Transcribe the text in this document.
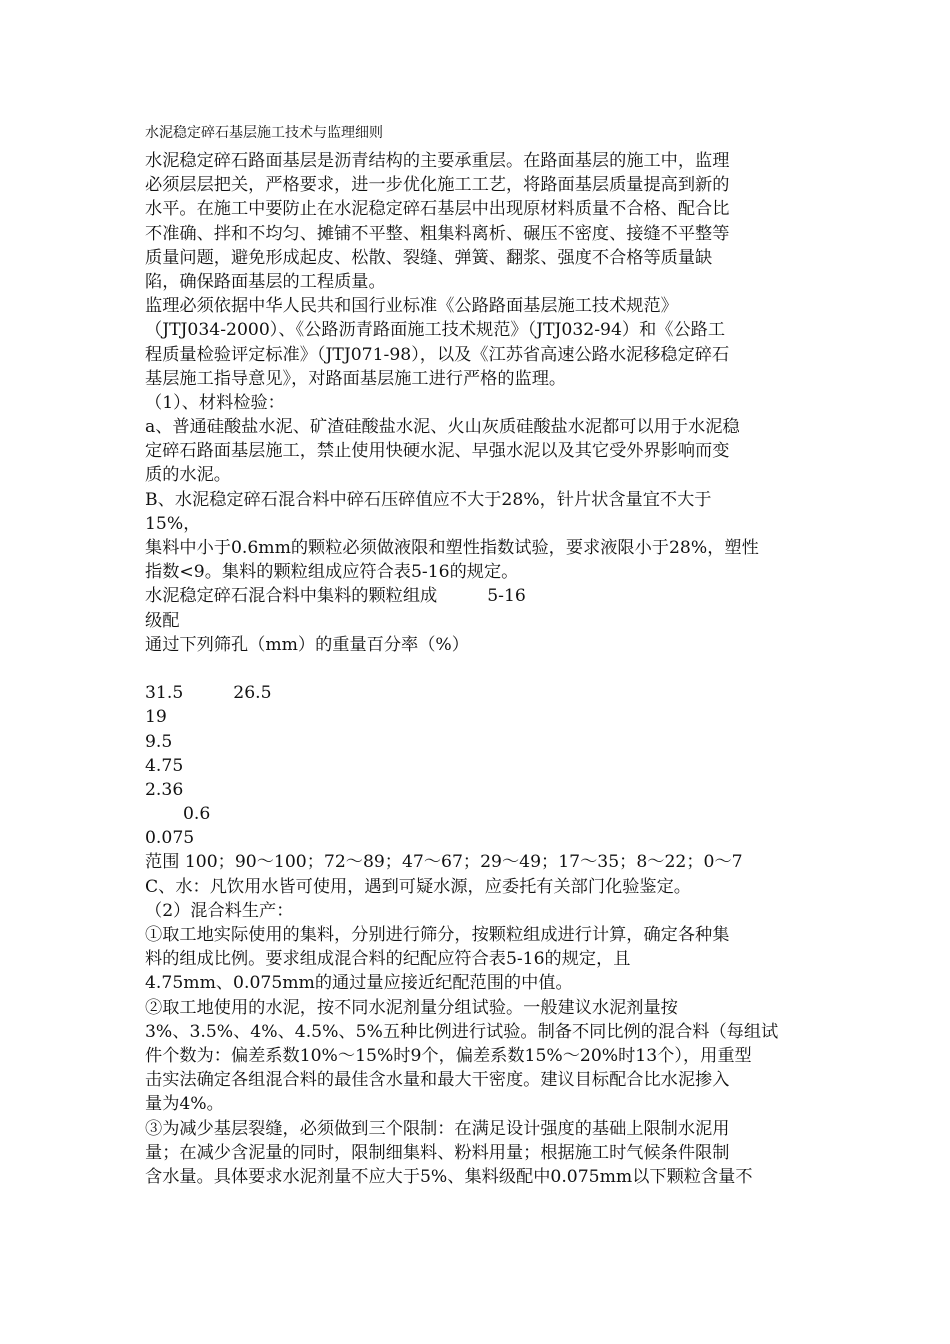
水泥稳定碎石基层施工技术与监理细则
水泥稳定碎石路面基层是沥青结构的主要承重层。在路面基层的施工中，监理
必须层层把关，严格要求，进一步优化施工工艺，将路面基层质量提高到新的
水平。在施工中要防止在水泥稳定碎石基层中出现原材料质量不合格、配合比
不准确、拌和不均匀、摊铺不平整、粗集料离析、碾压不密度、接缝不平整等
质量问题，避免形成起皮、松散、裂缝、弹簧、翻浆、强度不合格等质量缺
陷，确保路面基层的工程质量。
监理必须依据中华人民共和国行业标准《公路路面基层施工技术规范》
（JTJ034-2000）、《公路沥青路面施工技术规范》（JTJ032-94）和《公路工
程质量检验评定标准》（JTJ071-98），以及《江苏省高速公路水泥移稳定碎石
基层施工指导意见》，对路面基层施工进行严格的监理。
（1）、材料检验：
a、普通硅酸盐水泥、矿渣硅酸盐水泥、火山灰质硅酸盐水泥都可以用于水泥稳
定碎石路面基层施工，禁止使用快硬水泥、早强水泥以及其它受外界影响而变
质的水泥。
B、水泥稳定碎石混合料中碎石压碎值应不大于28%，针片状含量宜不大于
15%，
集料中小于0.6mm的颗粒必须做液限和塑性指数试验，要求液限小于28%，塑性
指数<9。集料的颗粒组成应符合表5-16的规定。
水泥稳定碎石混合料中集料的颗粒组成	5-16
级配
通过下列筛孔（mm）的重量百分率（%）
31.5	26.5
19
9.5
4.75
2.36
0.6
0.075
范围 100；90～100；72～89；47～67；29～49；17～35；8～22；0～7
C、水：凡饮用水皆可使用，遇到可疑水源，应委托有关部门化验鉴定。
（2）混合料生产：
①取工地实际使用的集料，分别进行筛分，按颗粒组成进行计算，确定各种集
料的组成比例。要求组成混合料的纪配应符合表5-16的规定，且
4.75mm、0.075mm的通过量应接近纪配范围的中值。
②取工地使用的水泥，按不同水泥剂量分组试验。一般建议水泥剂量按
3%、3.5%、4%、4.5%、5%五种比例进行试验。制备不同比例的混合料（每组试
件个数为：偏差系数10%～15%时9个，偏差系数15%～20%时13个），用重型
击实法确定各组混合料的最佳含水量和最大干密度。建议目标配合比水泥掺入
量为4%。
③为减少基层裂缝，必须做到三个限制：在满足设计强度的基础上限制水泥用
量；在减少含泥量的同时，限制细集料、粉料用量；根据施工时气候条件限制
含水量。具体要求水泥剂量不应大于5%、集料级配中0.075mm以下颗粒含量不
